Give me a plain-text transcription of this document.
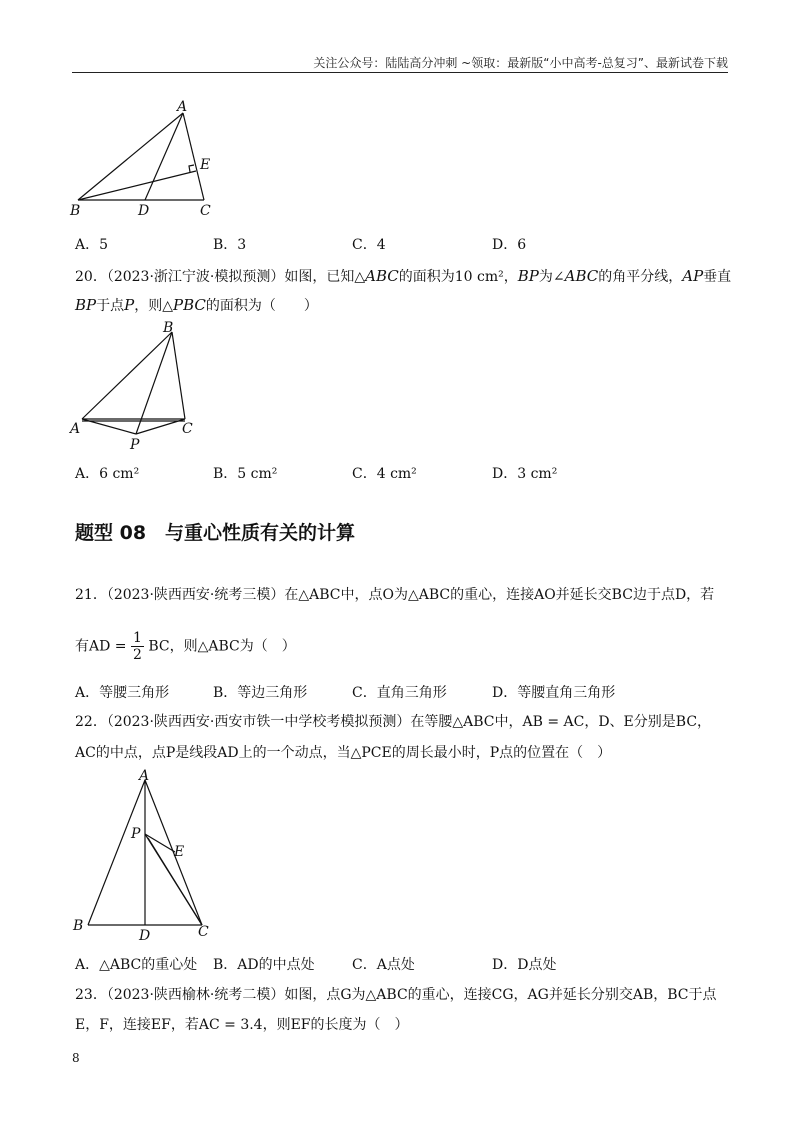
关注公众号：陆陆高分冲刺 ~领取：最新版“小中高考-总复习”、最新试卷下载
A
B	D	C
E
A．5	B．3	C．4	D．6
20．（2023·浙江宁波·模拟预测）如图，已知△ABC的面积为10 cm²，BP为∠ABC的角平分线，AP垂直
BP于点P，则△PBC的面积为（　　）
B
A	C
P
A．6 cm²	B．5 cm²	C．4 cm²	D．3 cm²
题型 08　与重心性质有关的计算
21．（2023·陕西西安·统考三模）在△ABC中，点O为△ABC的重心，连接AO并延长交BC边于点D，若
有AD = $\frac{1}{2}$ BC，则△ABC为（　）
A．等腰三角形	B．等边三角形	C．直角三角形	D．等腰直角三角形
22．（2023·陕西西安·西安市铁一中学校考模拟预测）在等腰△ABC中，AB = AC，D、E分别是BC，
AC的中点，点P是线段AD上的一个动点，当△PCE的周长最小时，P点的位置在（　）
A
P
E
B
D	C
A．△ABC的重心处 B．AD的中点处	C．A点处	D．D点处
23．（2023·陕西榆林·统考二模）如图，点G为△ABC的重心，连接CG，AG并延长分别交AB，BC于点
E，F，连接EF，若AC = 3.4，则EF的长度为（　）
8
